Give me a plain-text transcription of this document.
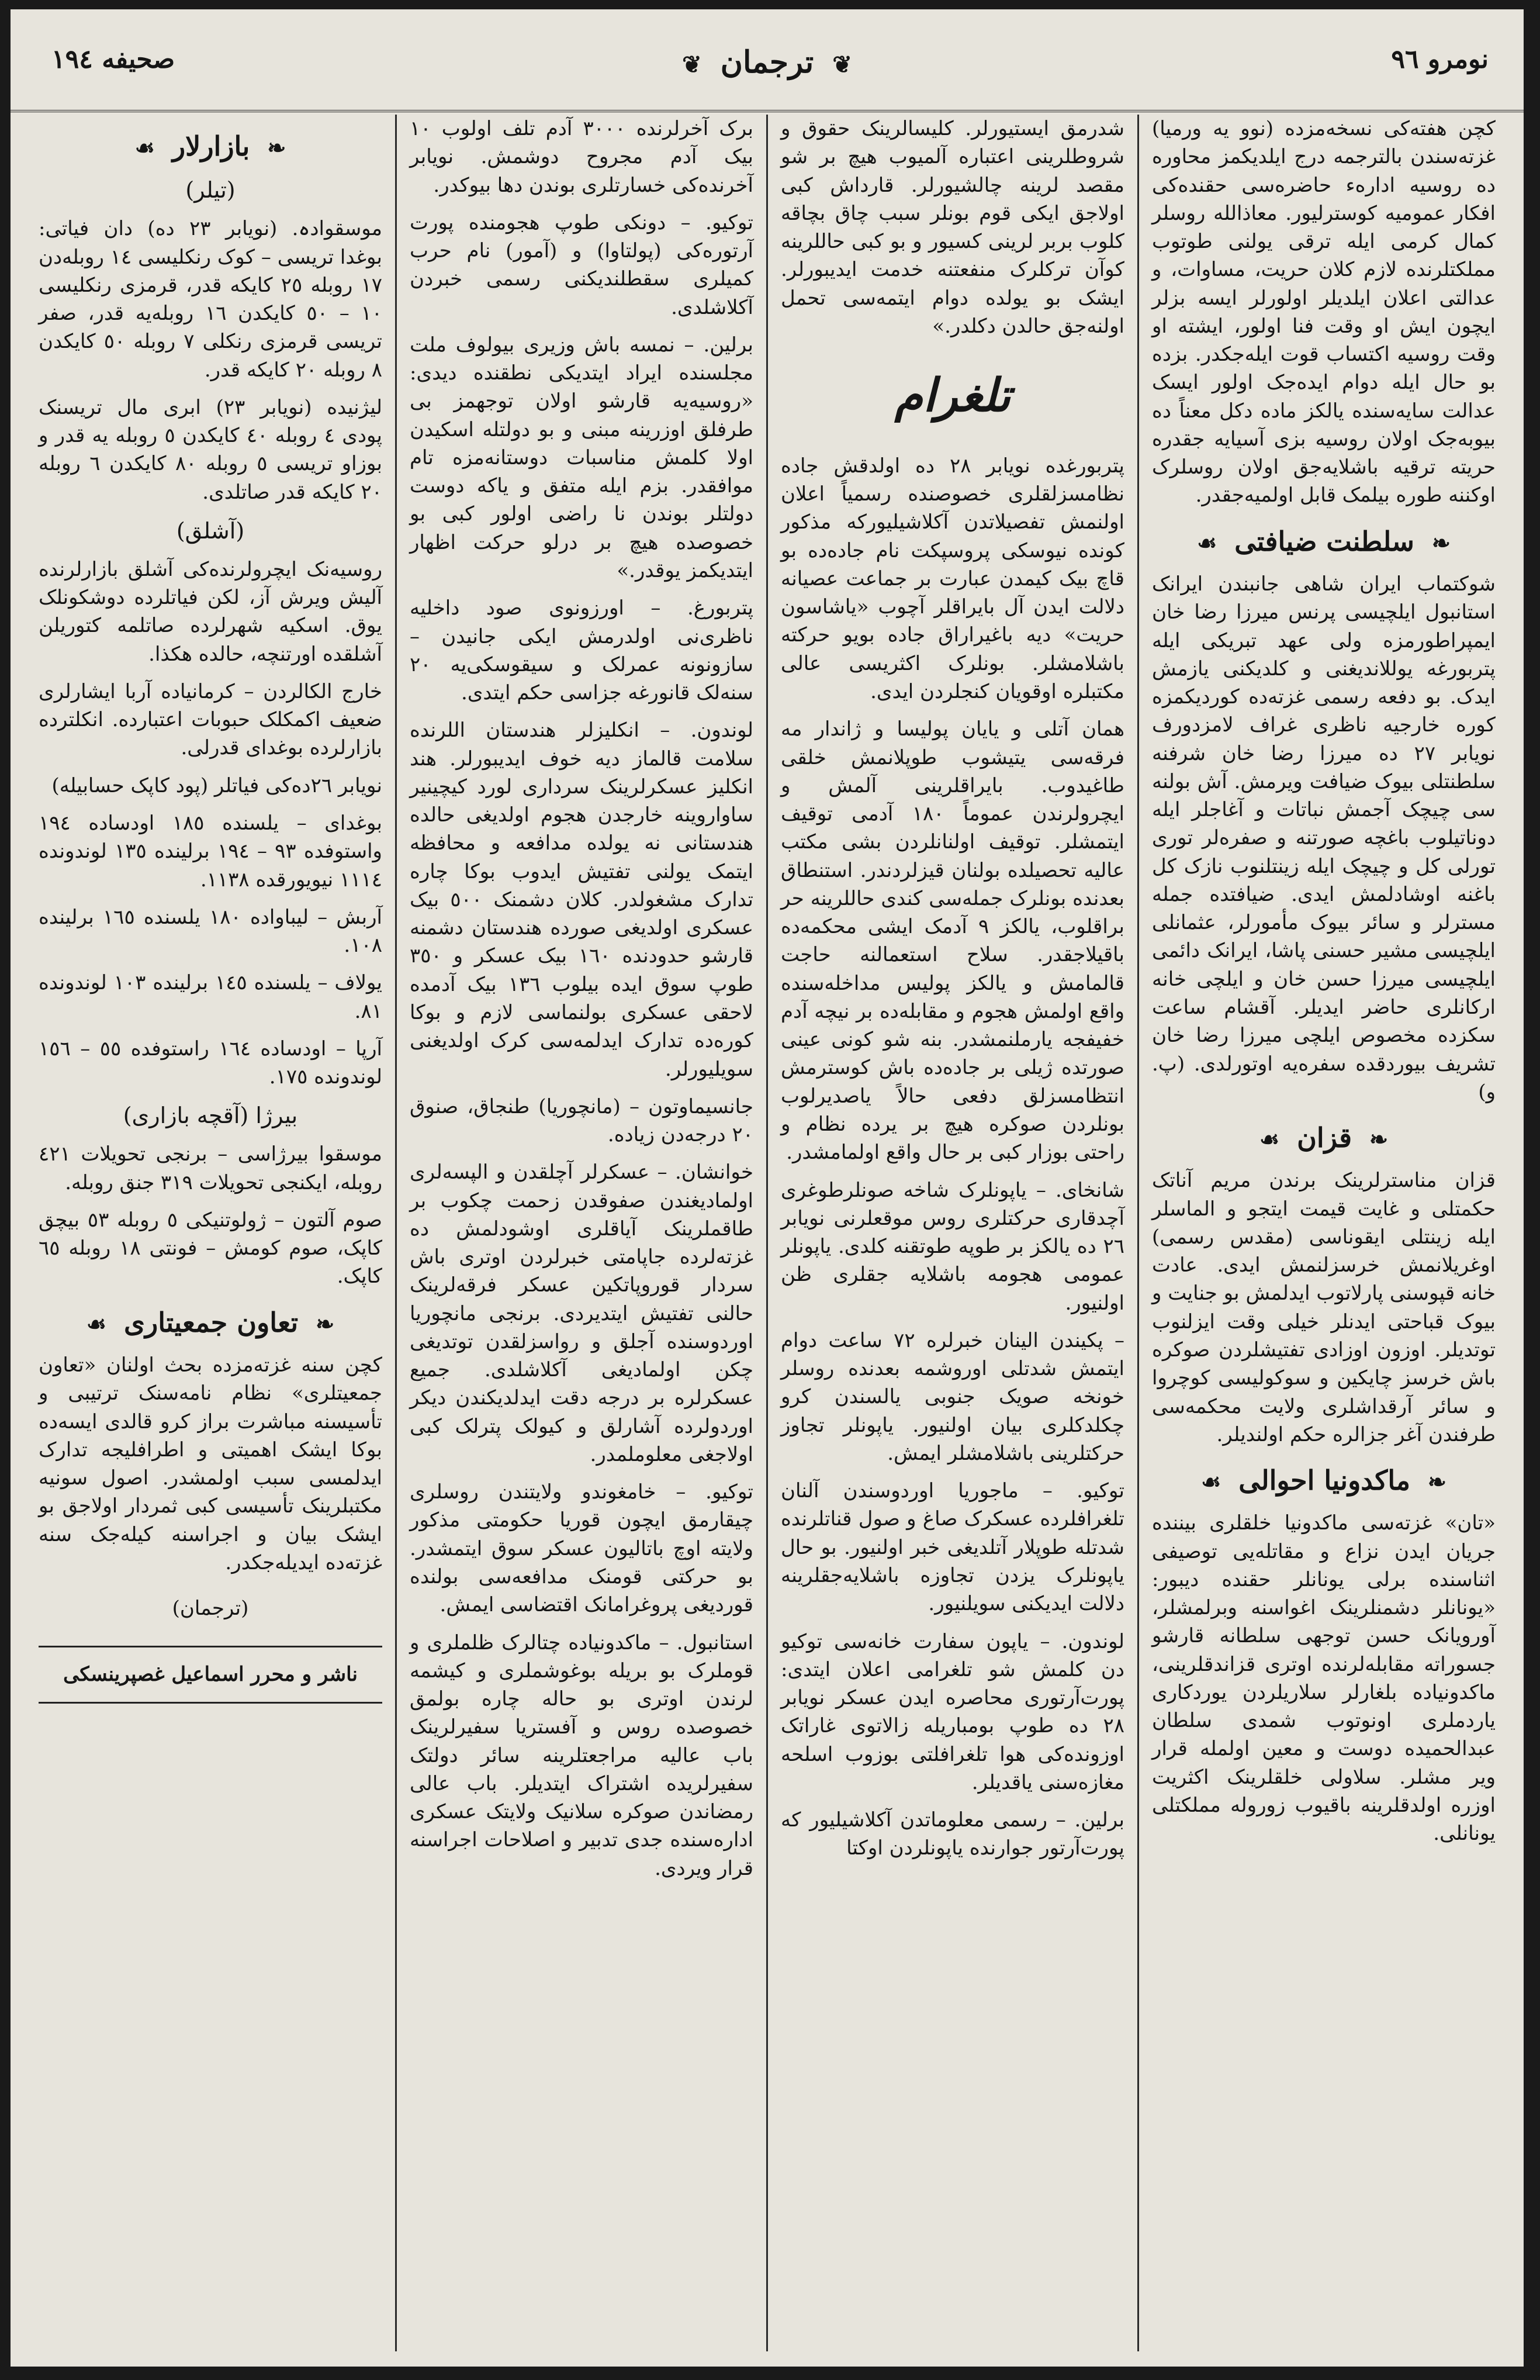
نومرو ٩٦
❦ ترجمان ❦
صحیفه ١٩٤

کچن هفته‌کی نسخه‌مزده (نوو یه ورمیا) غزته‌سندن بالترجمه درج ایلدیکمز محاوره ده روسیه اداره‌ء حاضره‌سی حقنده‌کی افکار عمومیه کوسترلیور. معاذالله روسلر کمال کرمی ایله ترقی یولنی طوتوب مملکتلرنده لازم کلان حریت، مساوات، و عدالتی اعلان ایلدیلر اولورلر ایسه بزلر ایچون ایش او وقت فنا اولور، ایشته او وقت روسیه اکتساب قوت ایله‌جکدر. بزده بو حال ایله دوام ایده‌جک اولور ایسک عدالت سایه‌سنده یالکز ماده دکل معناً ده بیوبه‌جک اولان روسیه بزی آسیایه جقدره حریته ترقیه باشلایه‌جق اولان روسلرک اوکننه طوره بیلمک قابل اولمیه‌جقدر.

❧ سلطنت ضیافتی ☙

شوکتماب ایران شاهی جانبندن ایرانک استانبول ایلچیسی پرنس میرزا رضا خان ایمپراطورمزه ولی عهد تبریکی ایله پتربورغه یوللاندیغنی و کلدیکنی یازمش ایدک. بو دفعه رسمی غزته‌ده کوردیکمزه کوره خارجیه ناظری غراف لامزدورف نویابر ٢٧ ده میرزا رضا خان شرفنه سلطنتلی بیوک ضیافت ویرمش. آش بولنه سی چیچک آجمش نباتات و آغاجلر ایله دوناتیلوب باغچه صورتنه و صفره‌لر توری تورلی کل و چیچک ایله زینتلنوب نازک کل باغنه اوشادلمش ایدی. ضیافتده جمله مسترلر و سائر بیوک مأمورلر، عثمانلی ایلچیسی مشیر حسنی پاشا، ایرانک دائمی ایلچیسی میرزا حسن خان و ایلچی خانه ارکانلری حاضر ایدیلر. آقشام ساعت سکزده مخصوص ایلچی میرزا رضا خان تشریف بیوردقده سفره‌یه اوتورلدی. (پ. و)

❧ قزان ☙

قزان مناسترلرینک برندن مریم آناتک حکمتلی و غایت قیمت ایتجو و الماسلر ایله زینتلی ایقوناسی (مقدس رسمی) اوغریلانمش خرسزلنمش ایدی. عادت خانه قپوسنی پارلاتوب ایدلمش بو جنایت و بیوک قباحتی ایدنلر خیلی وقت ایزلنوب توتدیلر. اوزون اوزادی تفتیشلردن صوکره باش خرسز چایکین و سوکولیسی کوچروا و سائر آرقداشلری ولایت محکمه‌سی طرفندن آغر جزالره حکم اولندیلر.

❧ ماکدونیا احوالی ☙

«تان» غزته‌سی ماکدونیا خلقلری بیننده جریان ایدن نزاع و مقاتله‌یی توصیفی اثناسنده برلی یونانلر حقنده دیبور: «یونانلر دشمنلرینک اغواسنه وبرلمشلر، آورویانک حسن توجهی سلطانه قارشو جسوراته مقابله‌لرنده اوتری قزاندقلرینی، ماکدونیاده بلغارلر سلاریلردن یوردکاری یاردملری اونوتوب شمدی سلطان عبدالحمیده دوست و معین اولمله قرار ویر مشلر. سلاولی خلقلرینک اکثریت اوزره اولدقلرینه باقیوب زوروله مملکتلی یونانلی.

شدرمق ایستیورلر. کلیسالرینک حقوق و شروطلرینی اعتباره آلمیوب هیچ بر شو مقصد لرینه چالشیورلر. قارداش کبی اولاجق ایکی قوم بونلر سبب چاق بچاقه کلوب بربر لرینی کسیور و بو کبی حاللرینه کوآن ترکلرک منفعتنه خدمت ایدیبورلر. ایشک بو یولده دوام ایتمه‌سی تحمل اولنه‌جق حالدن دکلدر.»

تلغرام

پتربورغده نویابر ٢٨ ده اولدقش جاده نظامسزلقلری خصوصنده رسمیاً اعلان اولنمش تفصیلاتدن آکلاشیلیورکه مذکور کونده نیوسکی پروسپکت نام جاده‌ده بو قاچ بیک کیمدن عبارت بر جماعت عصیانه دلالت ایدن آل بایراقلر آچوب «یاشاسون حریت» دیه باغیراراق جاده بویو حرکته باشلامشلر. بونلرک اکثریسی عالی مکتبلره اوقویان کنجلردن ایدی.

همان آتلی و یایان پولیسا و ژاندار مه فرقه‌سی یتیشوب طوپلانمش خلقی طاغیدوب. بایراقلرینی آلمش و ایچرولرندن عموماً ١٨٠ آدمی توقیف ایتمشلر. توقیف اولنانلردن بشی مکتب عالیه تحصیلده بولنان قیزلردندر. استنطاق بعدنده بونلرک جمله‌سی کندی حاللرینه حر براقلوب، یالکز ٩ آدمک ایشی محکمه‌ده باقیلاجقدر. سلاح استعمالنه حاجت قالمامش و یالکز پولیس مداخله‌سنده واقع اولمش هجوم و مقابله‌ده بر نیچه آدم خفیفجه یارملنمشدر. بنه شو کونی عینی صورتده ژیلی بر جاده‌ده باش کوسترمش انتظامسزلق دفعی حالاً یاصدیرلوب بونلردن صوکره هیچ بر یرده نظام و راحتی بوزار کبی بر حال واقع اولمامشدر.

شانخای. – یاپونلرک شاخه صونلرطوغری آچدقاری حرکتلری روس موقعلرنی نویابر ٢٦ ده یالکز بر طوپه طوتقنه کلدی. یاپونلر عمومی هجومه باشلایه جقلری ظن اولنیور.

– پکیندن الینان خبرلره ٧٢ ساعت دوام ایتمش شدتلی اوروشمه بعدنده روسلر خونخه صویک جنوبی یالسندن کرو چکلدکلری بیان اولنیور. یاپونلر تجاوز حرکتلرینی باشلامشلر ایمش.

توکیو. – ماجوریا اوردوسندن آلنان تلغرافلرده عسکرک صاغ و صول قناتلرنده شدتله طوپلار آتلدیغی خبر اولنیور. بو حال یاپونلرک یزدن تجاوزه باشلایه‌جقلرینه دلالت ایدیکنی سویلنیور.

لوندون. – یاپون سفارت خانه‌سی توکیو دن کلمش شو تلغرامی اعلان ایتدی: پورت‌آرتوری محاصره ایدن عسکر نویابر ٢٨ ده طوپ بومباریله زالاتوی غاراتک اوزونده‌کی هوا تلغرافلتی بوزوب اسلحه مغازه‌سنی یاقدیلر.

برلین. – رسمی معلوماتدن آکلاشیلیور که پورت‌آرتور جوارنده یاپونلردن اوکتا

برک آخرلرنده ٣٠٠٠ آدم تلف اولوب ١٠ بیک آدم مجروح دوشمش. نویابر آخرنده‌کی خسارتلری بوندن دها بیوکدر.

توکیو. – دونکی طوپ هجومنده پورت آرتوره‌کی (پولتاوا) و (آمور) نام حرب کمیلری سقطلندیکنی رسمی خبردن آکلاشلدی.

برلین. – نمسه باش وزیری بیولوف ملت مجلسنده ایراد ایتدیکی نطقنده دیدی: «روسیه‌یه قارشو اولان توجهمز بی طرفلق اوزرینه مبنی و بو دولتله اسکیدن اولا کلمش مناسبات دوستانه‌مزه تام موافقدر. بزم ایله متفق و یاکه دوست دولتلر بوندن نا راضی اولور کبی بو خصوصده هیچ بر درلو حرکت اظهار ایتدیکمز یوقدر.»

پتربورغ. – اورزونوی صود داخلیه ناظری‌نی اولدرمش ایکی جانیدن – سازونونه عمرلک و سیقوسکی‌یه ٢٠ سنه‌لک قانورغه جزاسی حکم ایتدی.

لوندون. – انکلیزلر هندستان اللرنده سلامت قالماز دیه خوف ایدیبورلر. هند انکلیز عسکرلرینک سرداری لورد کیچینیر ساواروینه خارجدن هجوم اولدیغی حالده هندستانی نه یولده مدافعه و محافظه ایتمک یولنی تفتیش ایدوب بوکا چاره تدارک مشغولدر. کلان دشمنک ٥٠٠ بیک عسکری اولدیغی صورده هندستان دشمنه قارشو حدودنده ١٦٠ بیک عسکر و ٣٥٠ طوپ سوق ایده بیلوب ١٣٦ بیک آدمده لاحقی عسکری بولنماسی لازم و بوکا کوره‌ده تدارک ایدلمه‌سی کرک اولدیغنی سویلیورلر.

جانسیماوتون – (مانچوریا) طنجاق، صنوق ٢٠ درجه‌دن زیاده.

خوانشان. – عسکرلر آچلقدن و الپسه‌لری اولمادیغندن صفوقدن زحمت چکوب بر طاقملرینک آیاقلری اوشودلمش ده غزته‌لرده جاپامتی خبرلردن اوتری باش سردار قوروپاتکین عسکر فرقه‌لرینک حالنی تفتیش ایتدیردی. برنجی مانچوریا اوردوسنده آجلق و رواسزلقدن توتدیغی چکن اولمادیغی آکلاشلدی. جمیع عسکرلره بر درجه دقت ایدلدیکندن دیکر اوردولرده آشارلق و کیولک پترلک کبی اولاجغی معلوملمدر.

توکیو. – خامغوندو ولایتندن روسلری چیقارمق ایچون قوریا حکومتی مذکور ولایته اوچ باتالیون عسکر سوق ایتمشدر. بو حرکتی قومنک مدافعه‌سی بولنده قوردیغی پروغرامانک اقتضاسی ایمش.

استانبول. – ماکدونیاده چتالرک ظلملری و قوملرک بو بریله بوغوشملری و کیشمه لرندن اوتری بو حاله چاره بولمق خصوصده روس و آفستریا سفیرلرینک باب عالیه مراجعتلرینه سائر دولتک سفیرلریده اشتراک ایتدیلر. باب عالی رمضاندن صوکره سلانیک ولایتک عسکری اداره‌سنده جدی تدبیر و اصلاحات اجراسنه قرار ویردی.

❧ بازارلار ☙
(تیلر)

موسقوادہ. (نویابر ٢٣ ده) دان فیاتی: بوغدا تریسی – کوک رنکلیسی ١٤ روبله‌دن ١٧ روبله ٢٥ کایکه قدر، قرمزی رنکلیسی ١٠ – ٥٠ کایکدن ١٦ روبله‌یه قدر، صفر تریسی قرمزی رنکلی ٧ روبله ٥٠ کایکدن ٨ روبله ٢٠ کایکه قدر.

لیژنیده (نویابر ٢٣) ابری مال تریسنک پودی ٤ روبله ٤٠ کایکدن ٥ روبله یه قدر و بوزاو تریسی ٥ روبله ٨٠ کایکدن ٦ روبله ٢٠ کایکه قدر صاتلدی.

(آشلق)

روسیه‌نک ایچرولرنده‌کی آشلق بازارلرنده آلیش ویرش آز، لکن فیاتلرده دوشکونلک یوق. اسکیه شهرلرده صاتلمه کتوریلن آشلقده اورتنچه، حالده هکذا.

خارج الکالردن – کرمانیاده آربا ایشارلری ضعیف اکمکلک حبوبات اعتبارده. انکلترده بازارلرده بوغدای قدرلی.

نویابر ٢٦ده‌کی فیاتلر (پود کاپک حسابیله)

بوغدای – یلسنده ١٨٥ اودساده ١٩٤ واستوفده ٩٣ – ١٩٤ برلینده ١٣٥ لوندونده ١١١٤ نیویورقده ١١٣٨.

آربش – لیباواده ١٨٠ یلسنده ١٦٥ برلینده ١٠٨.

یولاف – یلسنده ١٤٥ برلینده ١٠٣ لوندونده ٨١.

آرپا – اودساده ١٦٤ راستوفده ٥٥ – ١٥٦ لوندونده ١٧٥.

بیرژا (آقچه بازاری)

موسقوا بیرژاسی – برنجی تحویلات ٤٢١ روبله، ایکنجی تحویلات ٣١٩ جنق روبله.

صوم آلتون – ژولوتنیکی ٥ روبله ٥٣ بیچق کاپک، صوم کومش – فونتی ١٨ روبله ٦٥ کاپک.

❧ تعاون جمعیتاری ☙

کچن سنه غزته‌مزده بحث اولنان «تعاون جمعیتلری» نظام نامه‌سنک ترتیبی و تأسیسنه مباشرت براز کرو قالدی ایسه‌ده بوکا ایشک اهمیتی و اطرافلیجه تدارک ایدلمسی سبب اولمشدر. اصول سونیه مکتبلرینک تأسیسی کبی ثمردار اولاجق بو ایشک بیان و اجراسنه کیله‌جک سنه غزته‌ده ایدیله‌جکدر.

(ترجمان)
ناشر و محرر اسماعیل غصپرینسکی
